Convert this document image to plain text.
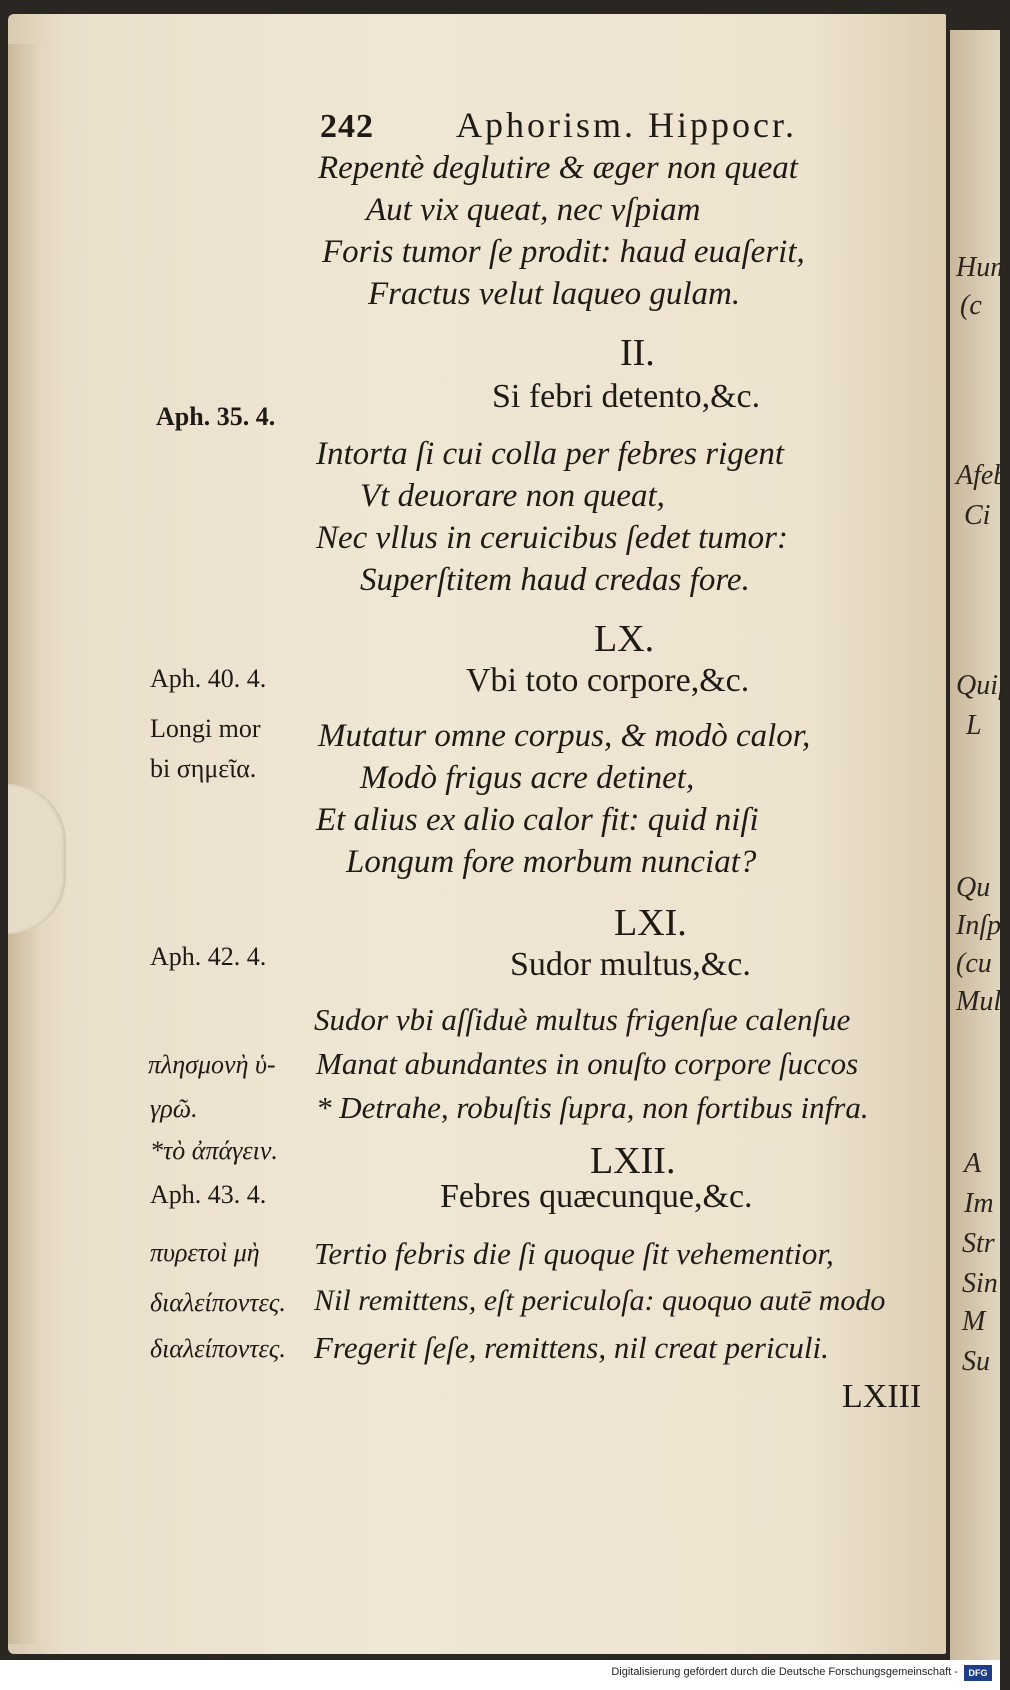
Hum
(c
Afeb
Ci
Quiſ
L
Qu
Inſp
(cu
Mul
A
Im
Str
Sin
M
Su
242 Aphorism. Hippocr.
Repentè deglutire & æger non queat
Aut vix queat, nec vſpiam
Foris tumor ſe prodit: haud euaſerit,
Fractus velut laqueo gulam.
II.
Si febri detento,&c.
Aph. 35. 4.
Intorta ſi cui colla per febres rigent
Vt deuorare non queat,
Nec vllus in ceruicibus ſedet tumor:
Superſtitem haud credas fore.
LX.
Vbi toto corpore,&c.
Aph. 40. 4.
Longi mor
bi σημεῖα.
Mutatur omne corpus, & modò calor,
Modò frigus acre detinet,
Et alius ex alio calor fit: quid niſi
Longum fore morbum nunciat?
LXI.
Sudor multus,&c.
Aph. 42. 4.
Sudor vbi aſſiduè multus frigenſue calenſue
Manat abundantes in onuſto corpore ſuccos
* Detrahe, robuſtis ſupra, non fortibus infra.
πλησμονὴ ὑ-
γρῶ.
*τὸ ἀπάγειν.	LXII.
Febres quæcunque,&c.
Aph. 43. 4.
πυρετοὶ μὴ
διαλείποντες.
διαλείποντες.
Tertio febris die ſi quoque ſit vehementior,
Nil remittens, eſt periculoſa: quoquo autē modo
Fregerit ſeſe, remittens, nil creat periculi.
LXIII
Digitalisierung gefördert durch die Deutsche Forschungsgemeinschaft -	DFG
